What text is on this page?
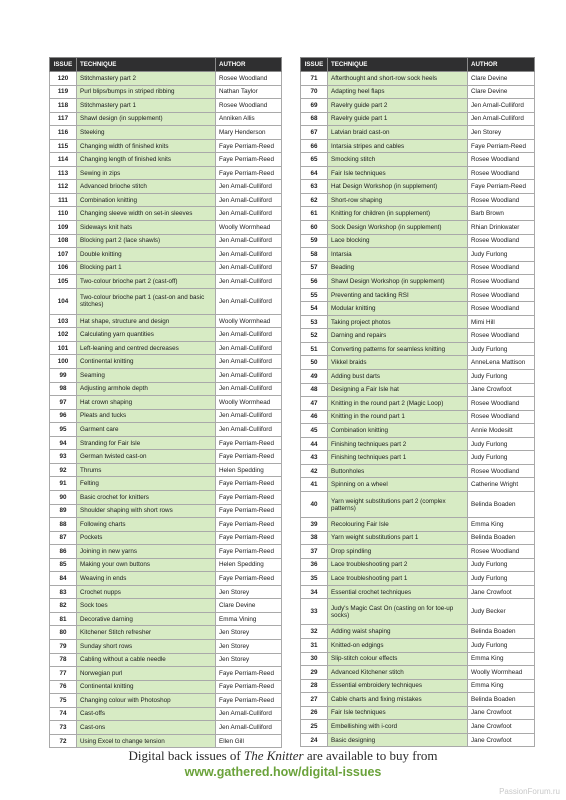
ISSUE	TECHNIQUE	AUTHOR
120	Stitchmastery part 2	Rosee Woodland
119	Purl blips/bumps in striped ribbing	Nathan Taylor
118	Stitchmastery part 1	Rosee Woodland
117	Shawl design (in supplement)	Anniken Allis
116	Steeking	Mary Henderson
115	Changing width of finished knits	Faye Perriam-Reed
114	Changing length of finished knits	Faye Perriam-Reed
113	Sewing in zips	Faye Perriam-Reed
112	Advanced brioche stitch	Jen Arnall-Culliford
111	Combination knitting	Jen Arnall-Culliford
110	Changing sleeve width on set-in sleeves	Jen Arnall-Culliford
109	Sideways knit hats	Woolly Wormhead
108	Blocking part 2 (lace shawls)	Jen Arnall-Culliford
107	Double knitting	Jen Arnall-Culliford
106	Blocking part 1	Jen Arnall-Culliford
105	Two-colour brioche part 2 (cast-off)	Jen Arnall-Culliford
104	Two-colour brioche part 1 (cast-on and basic stitches)	Jen Arnall-Culliford
103	Hat shape, structure and design	Woolly Wormhead
102	Calculating yarn quantities	Jen Arnall-Culliford
101	Left-leaning and centred decreases	Jen Arnall-Culliford
100	Continental knitting	Jen Arnall-Culliford
99	Seaming	Jen Arnall-Culliford
98	Adjusting armhole depth	Jen Arnall-Culliford
97	Hat crown shaping	Woolly Wormhead
96	Pleats and tucks	Jen Arnall-Culliford
95	Garment care	Jen Arnall-Culliford
94	Stranding for Fair Isle	Faye Perriam-Reed
93	German twisted cast-on	Faye Perriam-Reed
92	Thrums	Helen Spedding
91	Felting	Faye Perriam-Reed
90	Basic crochet for knitters	Faye Perriam-Reed
89	Shoulder shaping with short rows	Faye Perriam-Reed
88	Following charts	Faye Perriam-Reed
87	Pockets	Faye Perriam-Reed
86	Joining in new yarns	Faye Perriam-Reed
85	Making your own buttons	Helen Spedding
84	Weaving in ends	Faye Perriam-Reed
83	Crochet nupps	Jen Storey
82	Sock toes	Clare Devine
81	Decorative darning	Emma Vining
80	Kitchener Stitch refresher	Jen Storey
79	Sunday short rows	Jen Storey
78	Cabling without a cable needle	Jen Storey
77	Norwegian purl	Faye Perriam-Reed
76	Continental knitting	Faye Perriam-Reed
75	Changing colour with Photoshop	Faye Perriam-Reed
74	Cast-offs	Jen Arnall-Culliford
73	Cast-ons	Jen Arnall-Culliford
72	Using Excel to change tension	Ellen Gill
ISSUE	TECHNIQUE	AUTHOR
71	Afterthought and short-row sock heels	Clare Devine
70	Adapting heel flaps	Clare Devine
69	Ravelry guide part 2	Jen Arnall-Culliford
68	Ravelry guide part 1	Jen Arnall-Culliford
67	Latvian braid cast-on	Jen Storey
66	Intarsia stripes and cables	Faye Perriam-Reed
65	Smocking stitch	Rosee Woodland
64	Fair Isle techniques	Rosee Woodland
63	Hat Design Workshop (in supplement)	Faye Perriam-Reed
62	Short-row shaping	Rosee Woodland
61	Knitting for children (in supplement)	Barb Brown
60	Sock Design Workshop (in supplement)	Rhian Drinkwater
59	Lace blocking	Rosee Woodland
58	Intarsia	Judy Furlong
57	Beading	Rosee Woodland
56	Shawl Design Workshop (in supplement)	Rosee Woodland
55	Preventing and tackling RSI	Rosee Woodland
54	Modular knitting	Rosee Woodland
53	Taking project photos	Mimi Hill
52	Darning and repairs	Rosee Woodland
51	Converting patterns for seamless knitting	Judy Furlong
50	Vikkel braids	AnneLena Mattison
49	Adding bust darts	Judy Furlong
48	Designing a Fair Isle hat	Jane Crowfoot
47	Knitting in the round part 2 (Magic Loop)	Rosee Woodland
46	Knitting in the round part 1	Rosee Woodland
45	Combination knitting	Annie Modesitt
44	Finishing techniques part 2	Judy Furlong
43	Finishing techniques part 1	Judy Furlong
42	Buttonholes	Rosee Woodland
41	Spinning on a wheel	Catherine Wright
40	Yarn weight substitutions part 2 (complex patterns)	Belinda Boaden
39	Recolouring Fair Isle	Emma King
38	Yarn weight substitutions part 1	Belinda Boaden
37	Drop spindling	Rosee Woodland
36	Lace troubleshooting part 2	Judy Furlong
35	Lace troubleshooting part 1	Judy Furlong
34	Essential crochet techniques	Jane Crowfoot
33	Judy's Magic Cast On (casting on for toe-up socks)	Judy Becker
32	Adding waist shaping	Belinda Boaden
31	Knitted-on edgings	Judy Furlong
30	Slip-stitch colour effects	Emma King
29	Advanced Kitchener stitch	Woolly Wormhead
28	Essential embroidery techniques	Emma King
27	Cable charts and fixing mistakes	Belinda Boaden
26	Fair Isle techniques	Jane Crowfoot
25	Embellishing with i-cord	Jane Crowfoot
24	Basic designing	Jane Crowfoot
Digital back issues of The Knitter are available to buy from
www.gathered.how/digital-issues
PassionForum.ru
